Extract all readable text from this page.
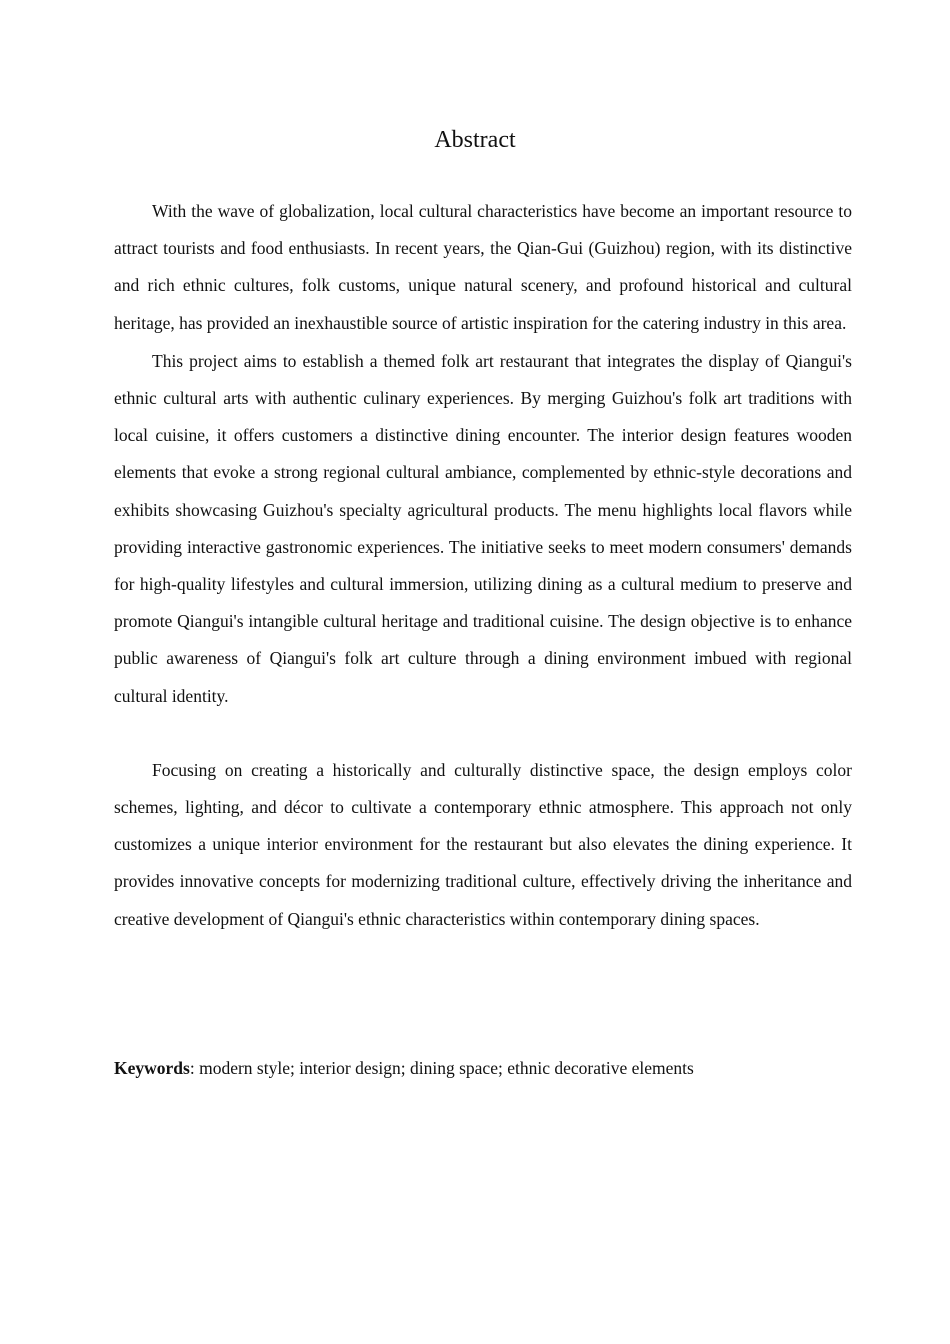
Abstract

With the wave of globalization, local cultural characteristics have become an important resource to attract tourists and food enthusiasts. In recent years, the Qian-Gui (Guizhou) region, with its distinctive and rich ethnic cultures, folk customs, unique natural scenery, and profound historical and cultural heritage, has provided an inexhaustible source of artistic inspiration for the catering industry in this area.

This project aims to establish a themed folk art restaurant that integrates the display of Qiangui's ethnic cultural arts with authentic culinary experiences. By merging Guizhou's folk art traditions with local cuisine, it offers customers a distinctive dining encounter. The interior design features wooden elements that evoke a strong regional cultural ambiance, complemented by ethnic-style decorations and exhibits showcasing Guizhou's specialty agricultural products. The menu highlights local flavors while providing interactive gastronomic experiences. The initiative seeks to meet modern consumers' demands for high-quality lifestyles and cultural immersion, utilizing dining as a cultural medium to preserve and promote Qiangui's intangible cultural heritage and traditional cuisine. The design objective is to enhance public awareness of Qiangui's folk art culture through a dining environment imbued with regional cultural identity.

Focusing on creating a historically and culturally distinctive space, the design employs color schemes, lighting, and décor to cultivate a contemporary ethnic atmosphere. This approach not only customizes a unique interior environment for the restaurant but also elevates the dining experience. It provides innovative concepts for modernizing traditional culture, effectively driving the inheritance and creative development of Qiangui's ethnic characteristics within contemporary dining spaces.

Keywords: modern style; interior design; dining space; ethnic decorative elements
